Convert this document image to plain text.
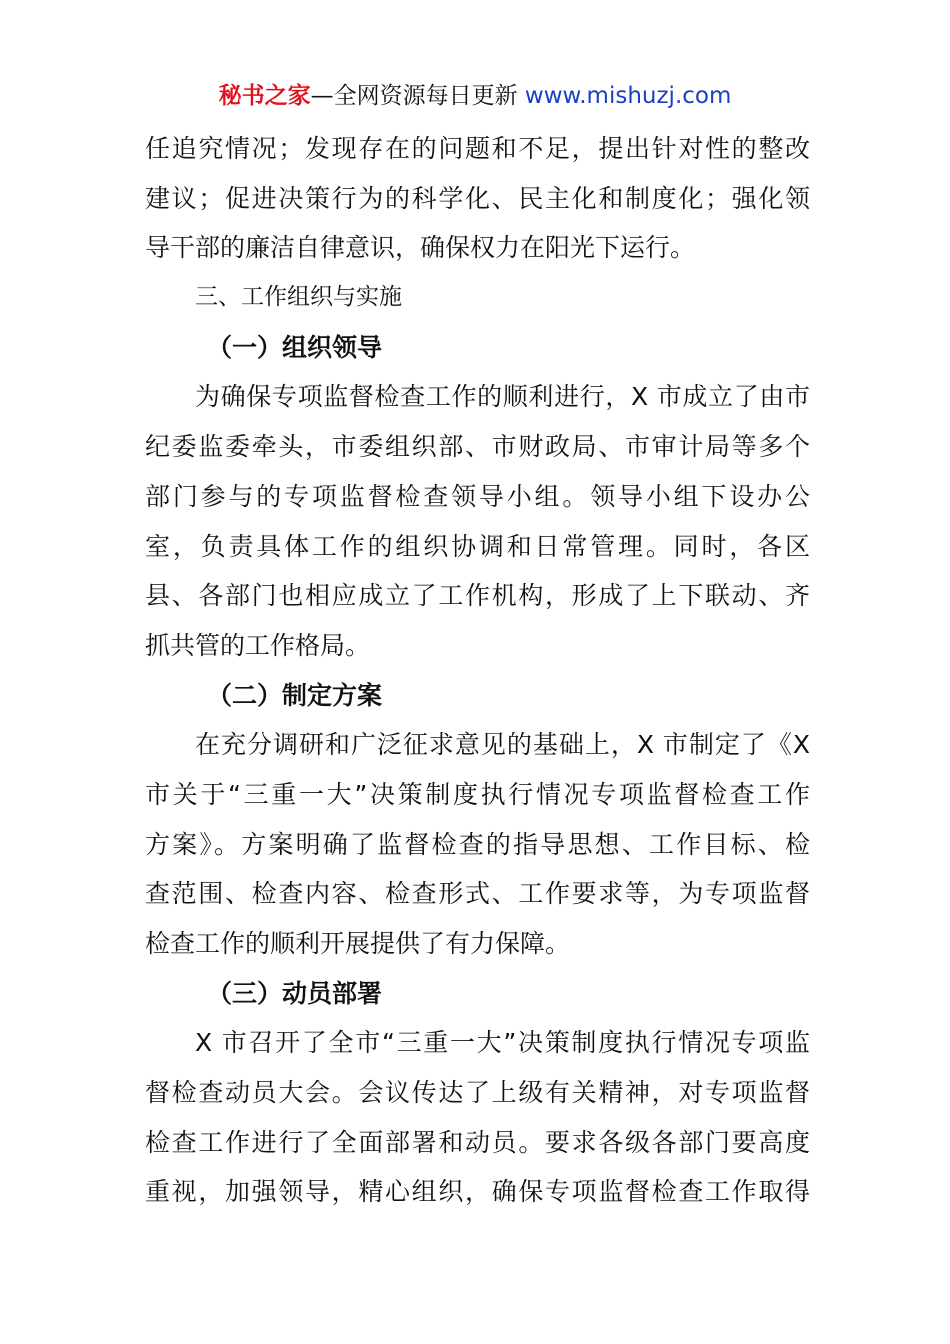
秘书之家—全网资源每日更新 www.mishuzj.com
任追究情况；发现存在的问题和不足，提出针对性的整改
建议；促进决策行为的科学化、民主化和制度化；强化领
导干部的廉洁自律意识，确保权力在阳光下运行。
三、工作组织与实施
（一）组织领导
为确保专项监督检查工作的顺利进行，X 市成立了由市
纪委监委牵头，市委组织部、市财政局、市审计局等多个
部门参与的专项监督检查领导小组。领导小组下设办公
室，负责具体工作的组织协调和日常管理。同时，各区
县、各部门也相应成立了工作机构，形成了上下联动、齐
抓共管的工作格局。
（二）制定方案
在充分调研和广泛征求意见的基础上，X 市制定了《X
市关于“三重一大”决策制度执行情况专项监督检查工作
方案》。方案明确了监督检查的指导思想、工作目标、检
查范围、检查内容、检查形式、工作要求等，为专项监督
检查工作的顺利开展提供了有力保障。
（三）动员部署
X 市召开了全市“三重一大”决策制度执行情况专项监
督检查动员大会。会议传达了上级有关精神，对专项监督
检查工作进行了全面部署和动员。要求各级各部门要高度
重视，加强领导，精心组织，确保专项监督检查工作取得
